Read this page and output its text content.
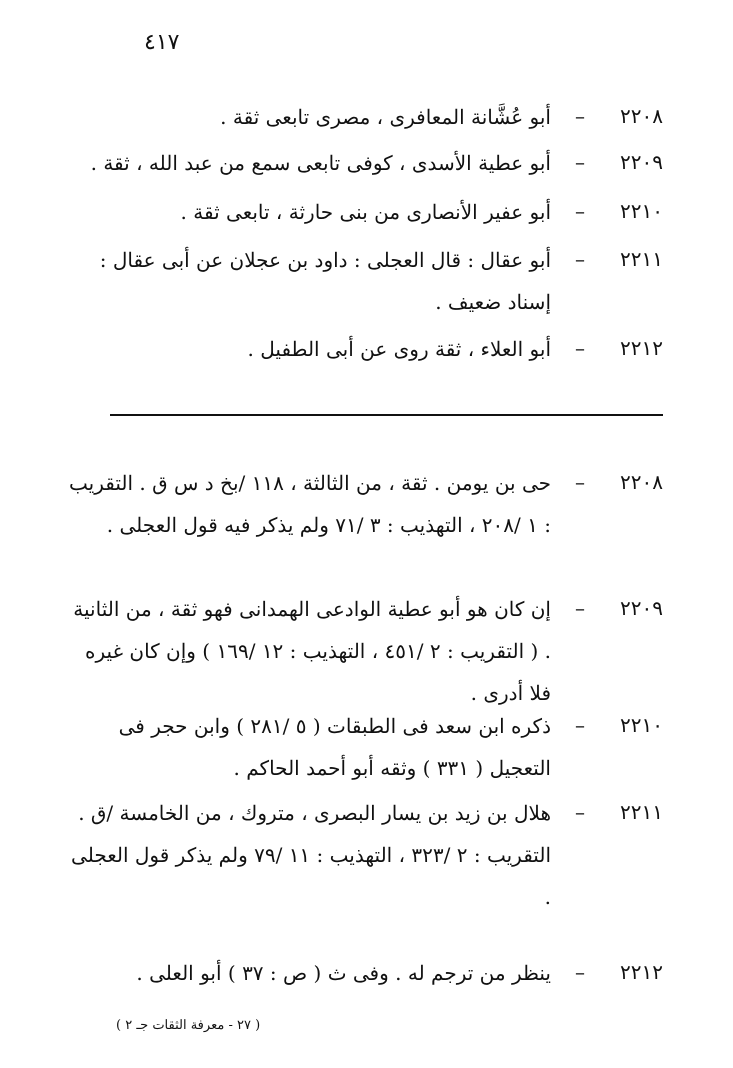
٤١٧
٢٢٠٨
–
أبو عُشَّانة المعافرى ، مصرى تابعى ثقة .
٢٢٠٩
–
أبو عطية الأسدى ، كوفى تابعى سمع من عبد الله ، ثقة .
٢٢١٠
–
أبو عفير الأنصارى من بنى حارثة ، تابعى ثقة .
٢٢١١
–
أبو عقال : قال العجلى : داود بن عجلان عن أبى عقال : إسناد ضعيف .
٢٢١٢
–
أبو العلاء ، ثقة روى عن أبى الطفيل .
٢٢٠٨
–
حى بن يومن . ثقة ، من الثالثة ، ١١٨ /بخ د س ق . التقريب : ١ /٢٠٨ ، التهذيب : ٣ /٧١ ولم يذكر فيه قول العجلى .
٢٢٠٩
–
إن كان هو أبو عطية الوادعى الهمدانى فهو ثقة ، من الثانية . ( التقريب : ٢ /٤٥١ ، التهذيب : ١٢ /١٦٩ ) وإن كان غيره فلا أدرى .
٢٢١٠
–
ذكره ابن سعد فى الطبقات ( ٥ /٢٨١ ) وابن حجر فى التعجيل ( ٣٣١ ) وثقه أبو أحمد الحاكم .
٢٢١١
–
هلال بن زيد بن يسار البصرى ، متروك ، من الخامسة /ق . التقريب : ٢ /٣٢٣ ، التهذيب : ١١ /٧٩ ولم يذكر قول العجلى .
٢٢١٢
–
ينظر من ترجم له . وفى ث ( ص : ٣٧ ) أبو العلى .
( ٢٧ - معرفة الثقات جـ ٢ )
